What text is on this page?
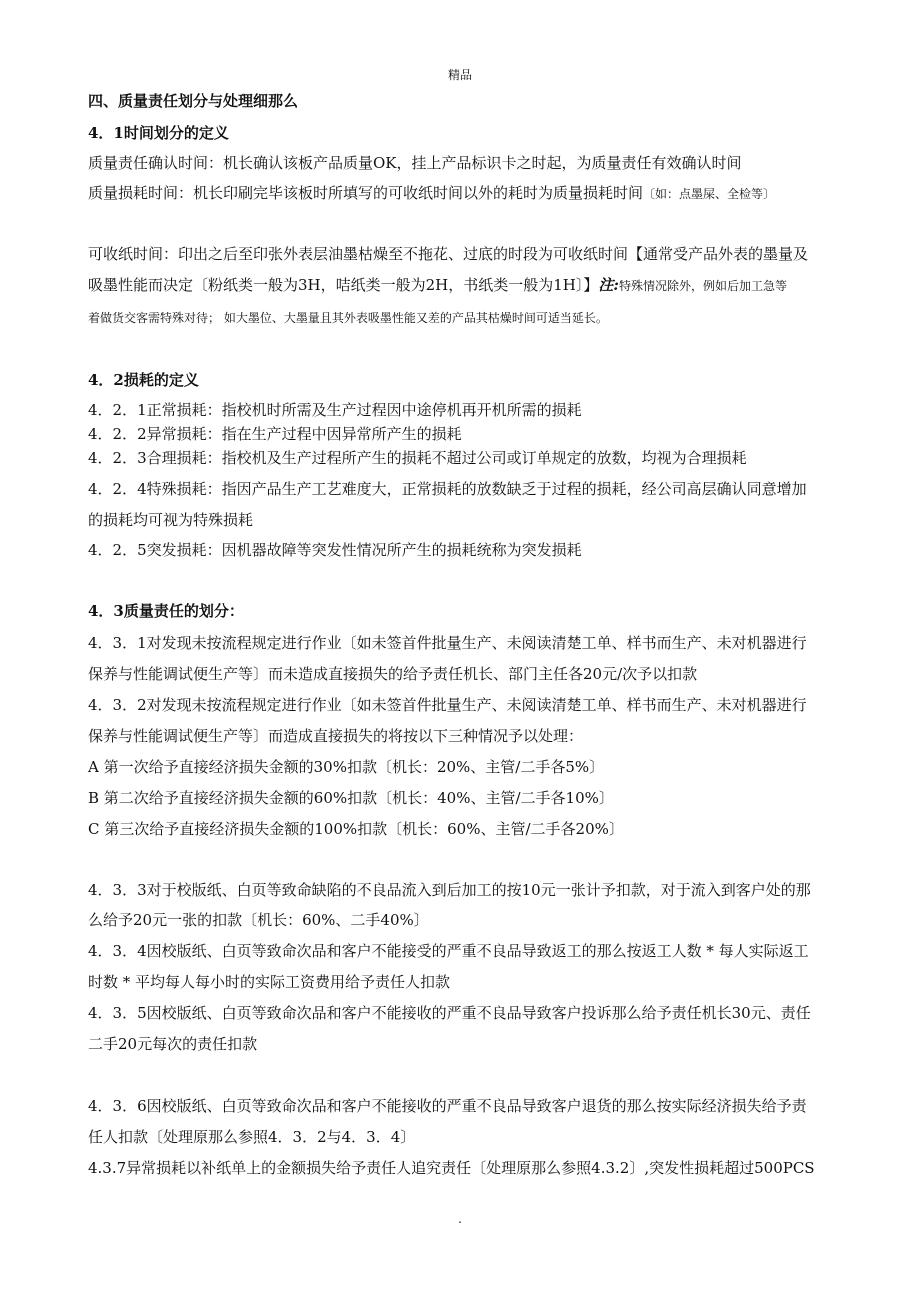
精品
四、质量责任划分与处理细那么
4．1时间划分的定义
质量责任确认时间：机长确认该板产品质量OK，挂上产品标识卡之时起，为质量责任有效确认时间
质量损耗时间：机长印刷完毕该板时所填写的可收纸时间以外的耗时为质量损耗时间〔如：点墨屎、全检等〕
可收纸时间：印出之后至印张外表层油墨枯燥至不拖花、过底的时段为可收纸时间【通常受产品外表的墨量及
吸墨性能而决定〔粉纸类一般为3H，咭纸类一般为2H，书纸类一般为1H〕】注:特殊情况除外，例如后加工急等
着做货交客需特殊对待； 如大墨位、大墨量且其外表吸墨性能又差的产品其枯燥时间可适当延长。
4．2损耗的定义
4．2．1正常损耗：指校机时所需及生产过程因中途停机再开机所需的损耗
4．2．2异常损耗：指在生产过程中因异常所产生的损耗
4．2．3合理损耗：指校机及生产过程所产生的损耗不超过公司或订单规定的放数，均视为合理损耗
4．2．4特殊损耗：指因产品生产工艺难度大，正常损耗的放数缺乏于过程的损耗，经公司高层确认同意增加
的损耗均可视为特殊损耗
4．2．5突发损耗：因机器故障等突发性情况所产生的损耗统称为突发损耗
4．3质量责任的划分：
4．3．1对发现未按流程规定进行作业〔如未签首件批量生产、未阅读清楚工单、样书而生产、未对机器进行
保养与性能调试便生产等〕而未造成直接损失的给予责任机长、部门主任各20元/次予以扣款
4．3．2对发现未按流程规定进行作业〔如未签首件批量生产、未阅读清楚工单、样书而生产、未对机器进行
保养与性能调试便生产等〕而造成直接损失的将按以下三种情况予以处理：
A 第一次给予直接经济损失金额的30%扣款〔机长：20%、主管/二手各5%〕
B 第二次给予直接经济损失金额的60%扣款〔机长：40%、主管/二手各10%〕
C 第三次给予直接经济损失金额的100%扣款〔机长：60%、主管/二手各20%〕
4．3．3对于校版纸、白页等致命缺陷的不良品流入到后加工的按10元一张计予扣款，对于流入到客户处的那
么给予20元一张的扣款〔机长：60%、二手40%〕
4．3．4因校版纸、白页等致命次品和客户不能接受的严重不良品导致返工的那么按返工人数 * 每人实际返工
时数 * 平均每人每小时的实际工资费用给予责任人扣款
4．3．5因校版纸、白页等致命次品和客户不能接收的严重不良品导致客户投诉那么给予责任机长30元、责任
二手20元每次的责任扣款
4．3．6因校版纸、白页等致命次品和客户不能接收的严重不良品导致客户退货的那么按实际经济损失给予责
任人扣款〔处理原那么参照4．3．2与4．3．4〕
4.3.7异常损耗以补纸单上的金额损失给予责任人追究责任〔处理原那么参照4.3.2〕,突发性损耗超过500PCS
.
